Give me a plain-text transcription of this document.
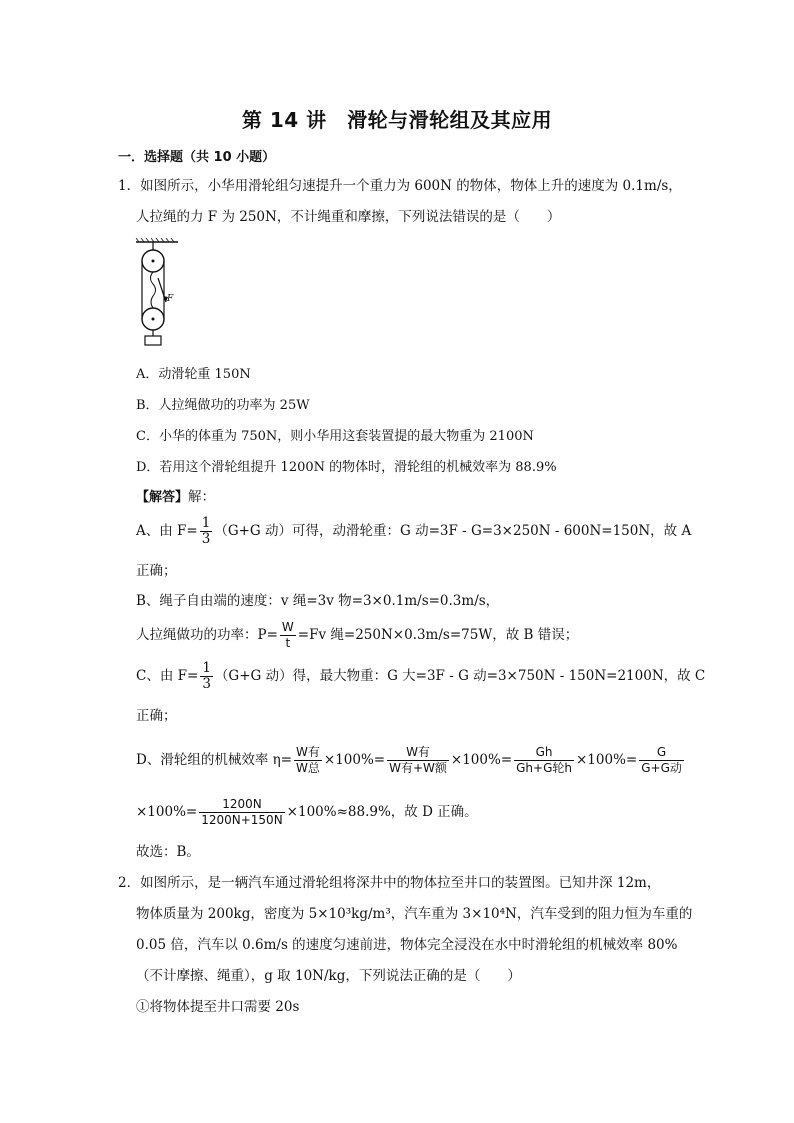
第 14 讲　滑轮与滑轮组及其应用
一．选择题（共 10 小题）
1．如图所示，小华用滑轮组匀速提升一个重力为 600N 的物体，物体上升的速度为 0.1m/s，
人拉绳的力 F 为 250N，不计绳重和摩擦，下列说法错误的是（　　）
F
A．动滑轮重 150N
B．人拉绳做功的功率为 25W
C．小华的体重为 750N，则小华用这套装置提的最大物重为 2100N
D．若用这个滑轮组提升 1200N 的物体时，滑轮组的机械效率为 88.9%
【解答】解：
A、由 $F= \frac{1}{3} (G+G$ 动）可得，动滑轮重：G 动=3F - G=3×250N - 600N=150N，故 A
正确；
B、绳子自由端的速度：v 绳=3v 物=3×0.1m/s=0.3m/s，
人拉绳做功的功率：$P= \frac{W}{t} =Fv$ 绳=250N×0.3m/s=75W，故 B 错误；
C、由 $F= \frac{1}{3} (G+G$ 动）得，最大物重：G 大=3F - G 动=3×750N - 150N=2100N，故 C
正确；
D、滑轮组的机械效率 $\eta= \frac{\text{W有}}{\text{W总}} \times 100\%= \frac{\text{W有}}{\text{W有+W额}} \times 100\%= \frac{Gh}{\text{Gh+G轮h}} \times 100\%= \frac{G}{\text{G+G动}}$
$\times 100\%= \frac{1200N}{1200N+150N} \times 100\%\approx 88.9\%$，故 D 正确。
故选：B。
2．如图所示，是一辆汽车通过滑轮组将深井中的物体拉至井口的装置图。已知井深 12m，
物体质量为 200kg，密度为 5×10³kg/m³，汽车重为 3×10⁴N，汽车受到的阻力恒为车重的
0.05 倍，汽车以 0.6m/s 的速度匀速前进，物体完全浸没在水中时滑轮组的机械效率 80%
（不计摩擦、绳重），g 取 10N/kg，下列说法正确的是（　　）
①将物体提至井口需要 20s
